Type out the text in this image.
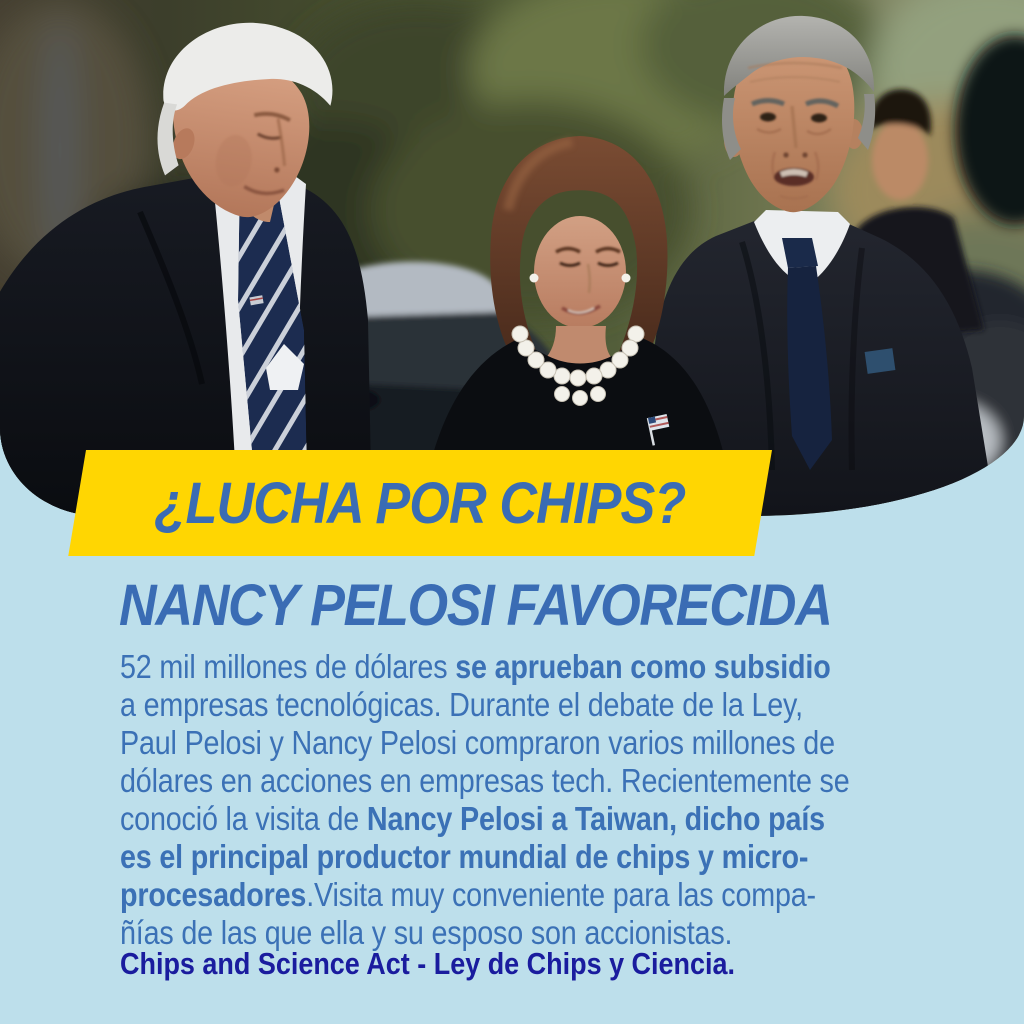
¿LUCHA POR CHIPS?
NANCY PELOSI FAVORECIDA
52 mil millones de dólares se aprueban como subsidio
a empresas tecnológicas. Durante el debate de la Ley,
Paul Pelosi y Nancy Pelosi compraron varios millones de
dólares en acciones en empresas tech. Recientemente se
conoció la visita de Nancy Pelosi a Taiwan, dicho país
es el principal productor mundial de chips y micro-
procesadores.Visita muy conveniente para las compa-
ñías de las que ella y su esposo son accionistas.
Chips and Science Act - Ley de Chips y Ciencia.
